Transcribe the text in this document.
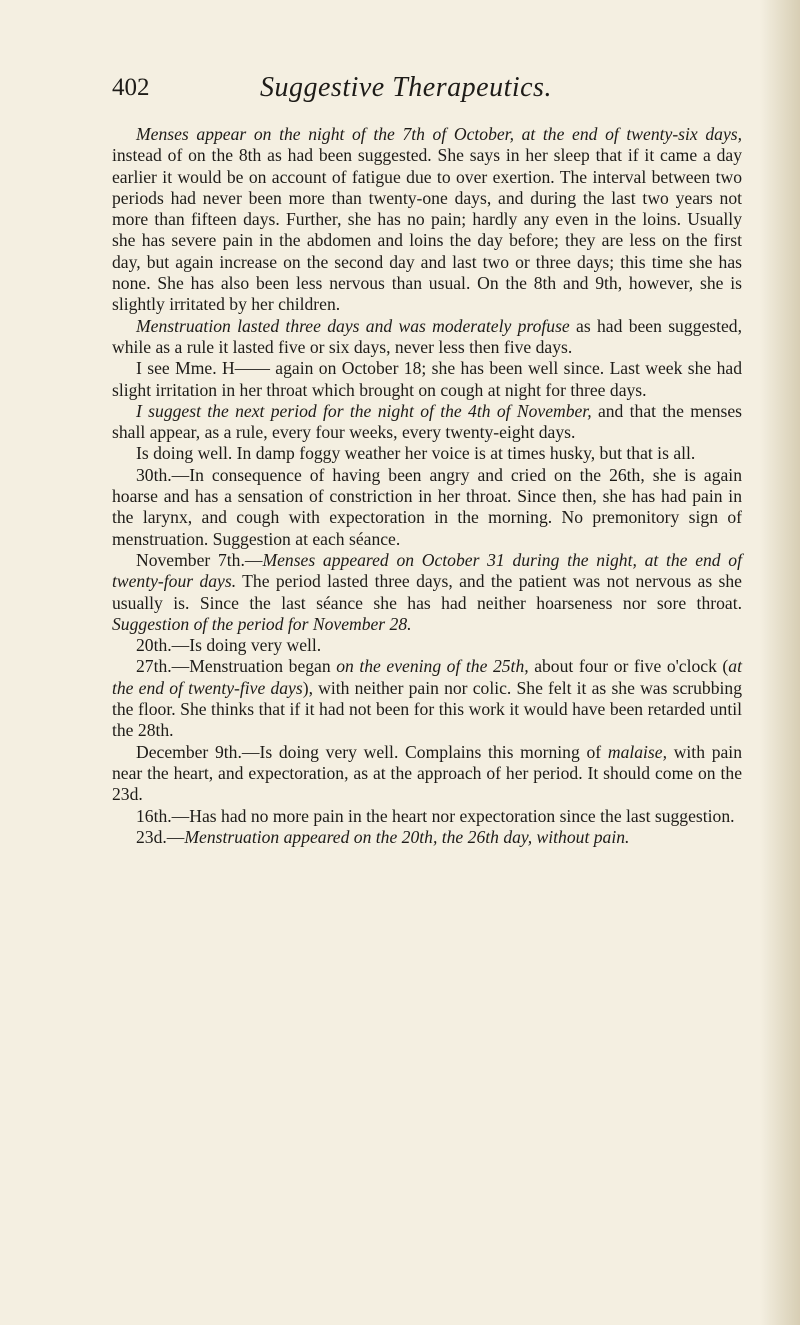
402	Suggestive Therapeutics.

Menses appear on the night of the 7th of October, at the end of twenty-six days, instead of on the 8th as had been suggested. She says in her sleep that if it came a day earlier it would be on account of fatigue due to over exertion. The interval between two periods had never been more than twenty-one days, and during the last two years not more than fifteen days. Further, she has no pain; hardly any even in the loins. Usually she has severe pain in the abdomen and loins the day before; they are less on the first day, but again increase on the second day and last two or three days; this time she has none. She has also been less nervous than usual. On the 8th and 9th, however, she is slightly irritated by her children.

Menstruation lasted three days and was moderately profuse as had been suggested, while as a rule it lasted five or six days, never less then five days.

I see Mme. H—— again on October 18; she has been well since. Last week she had slight irritation in her throat which brought on cough at night for three days.

I suggest the next period for the night of the 4th of November, and that the menses shall appear, as a rule, every four weeks, every twenty-eight days.

Is doing well. In damp foggy weather her voice is at times husky, but that is all.

30th.—In consequence of having been angry and cried on the 26th, she is again hoarse and has a sensation of constriction in her throat. Since then, she has had pain in the larynx, and cough with expectoration in the morning. No premonitory sign of menstruation. Suggestion at each séance.

November 7th.—Menses appeared on October 31 during the night, at the end of twenty-four days. The period lasted three days, and the patient was not nervous as she usually is. Since the last séance she has had neither hoarseness nor sore throat. Suggestion of the period for November 28.

20th.—Is doing very well.

27th.—Menstruation began on the evening of the 25th, about four or five o'clock (at the end of twenty-five days), with neither pain nor colic. She felt it as she was scrubbing the floor. She thinks that if it had not been for this work it would have been retarded until the 28th.

December 9th.—Is doing very well. Complains this morning of malaise, with pain near the heart, and expectoration, as at the approach of her period. It should come on the 23d.

16th.—Has had no more pain in the heart nor expectoration since the last suggestion.

23d.—Menstruation appeared on the 20th, the 26th day, without pain.
